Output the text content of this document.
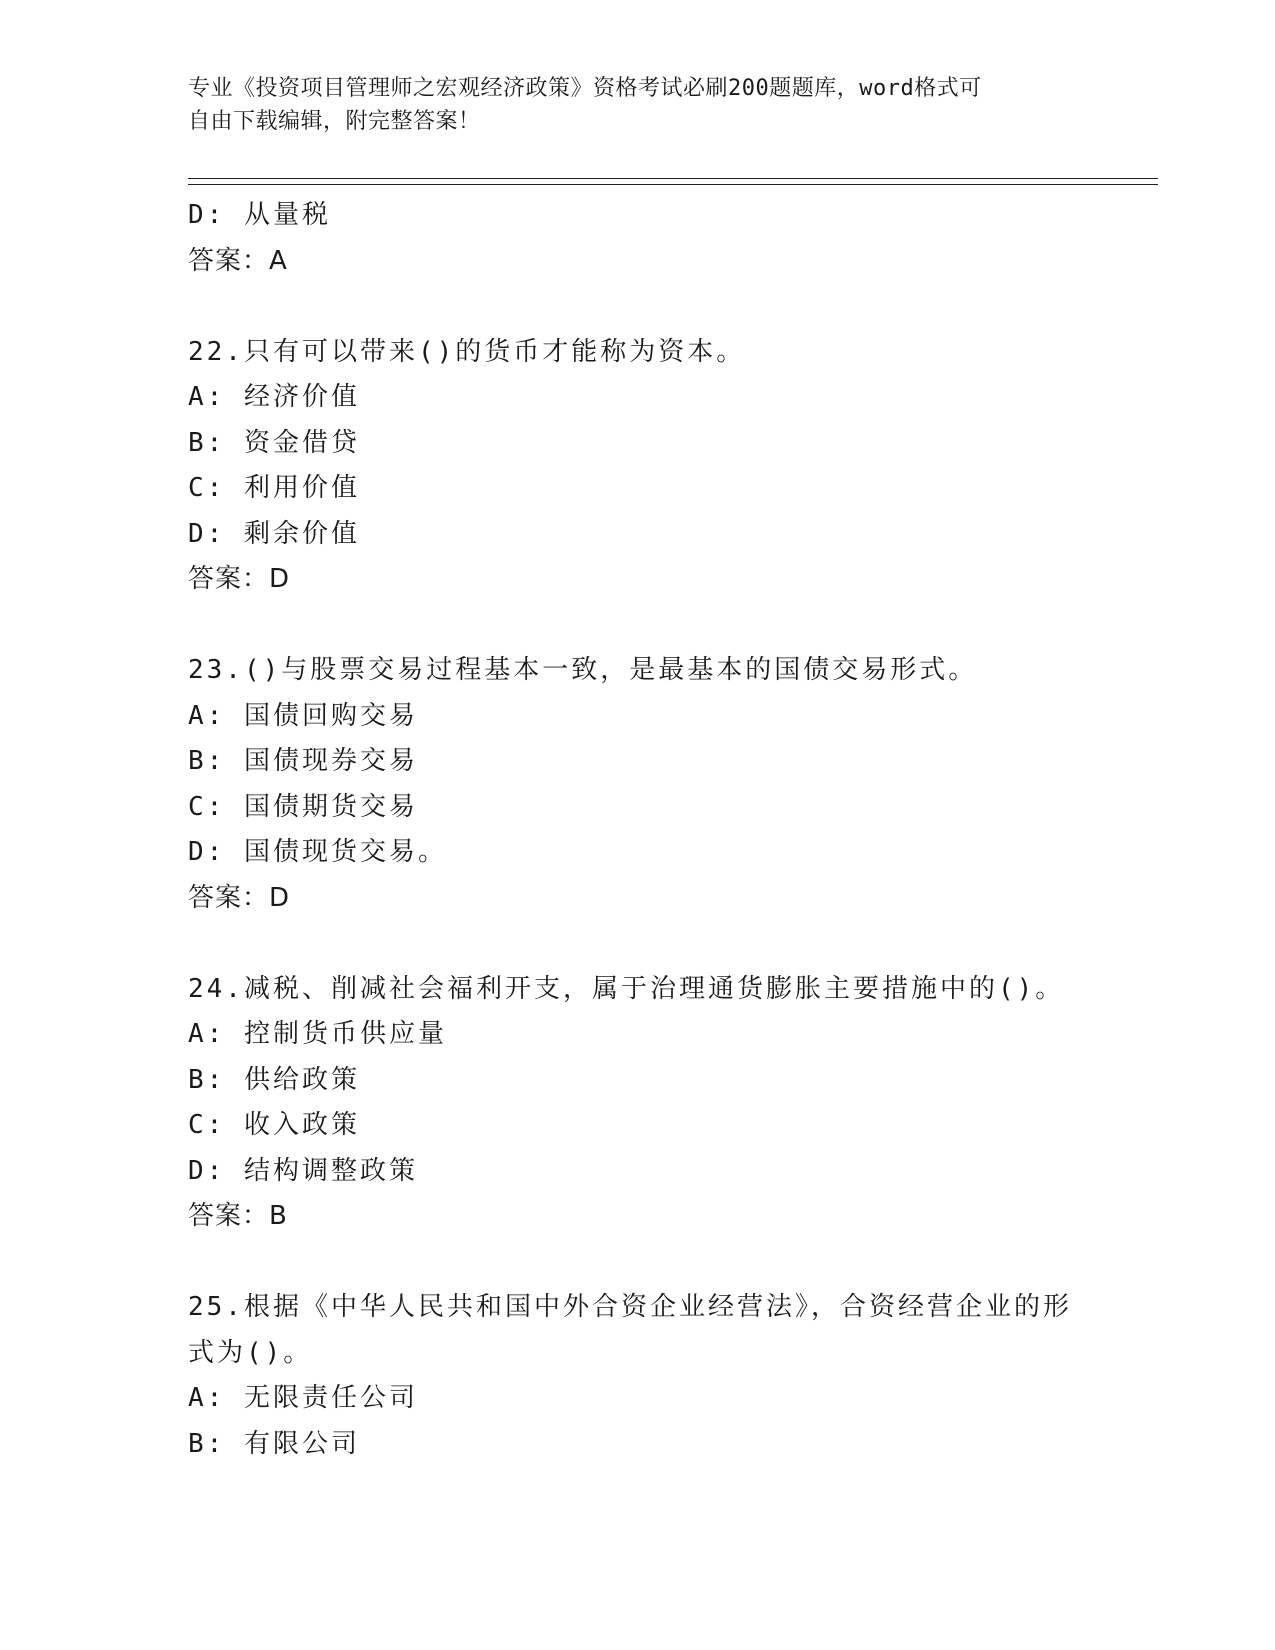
专业《投资项目管理师之宏观经济政策》资格考试必刷200题题库，word格式可
自由下载编辑，附完整答案！
D: 从量税
答案：A
22.只有可以带来()的货币才能称为资本。
A: 经济价值
B: 资金借贷
C: 利用价值
D: 剩余价值
答案：D
23.()与股票交易过程基本一致，是最基本的国债交易形式。
A: 国债回购交易
B: 国债现券交易
C: 国债期货交易
D: 国债现货交易。
答案：D
24.减税、削减社会福利开支，属于治理通货膨胀主要措施中的()。
A: 控制货币供应量
B: 供给政策
C: 收入政策
D: 结构调整政策
答案：B
25.根据《中华人民共和国中外合资企业经营法》，合资经营企业的形
式为()。
A: 无限责任公司
B: 有限公司
